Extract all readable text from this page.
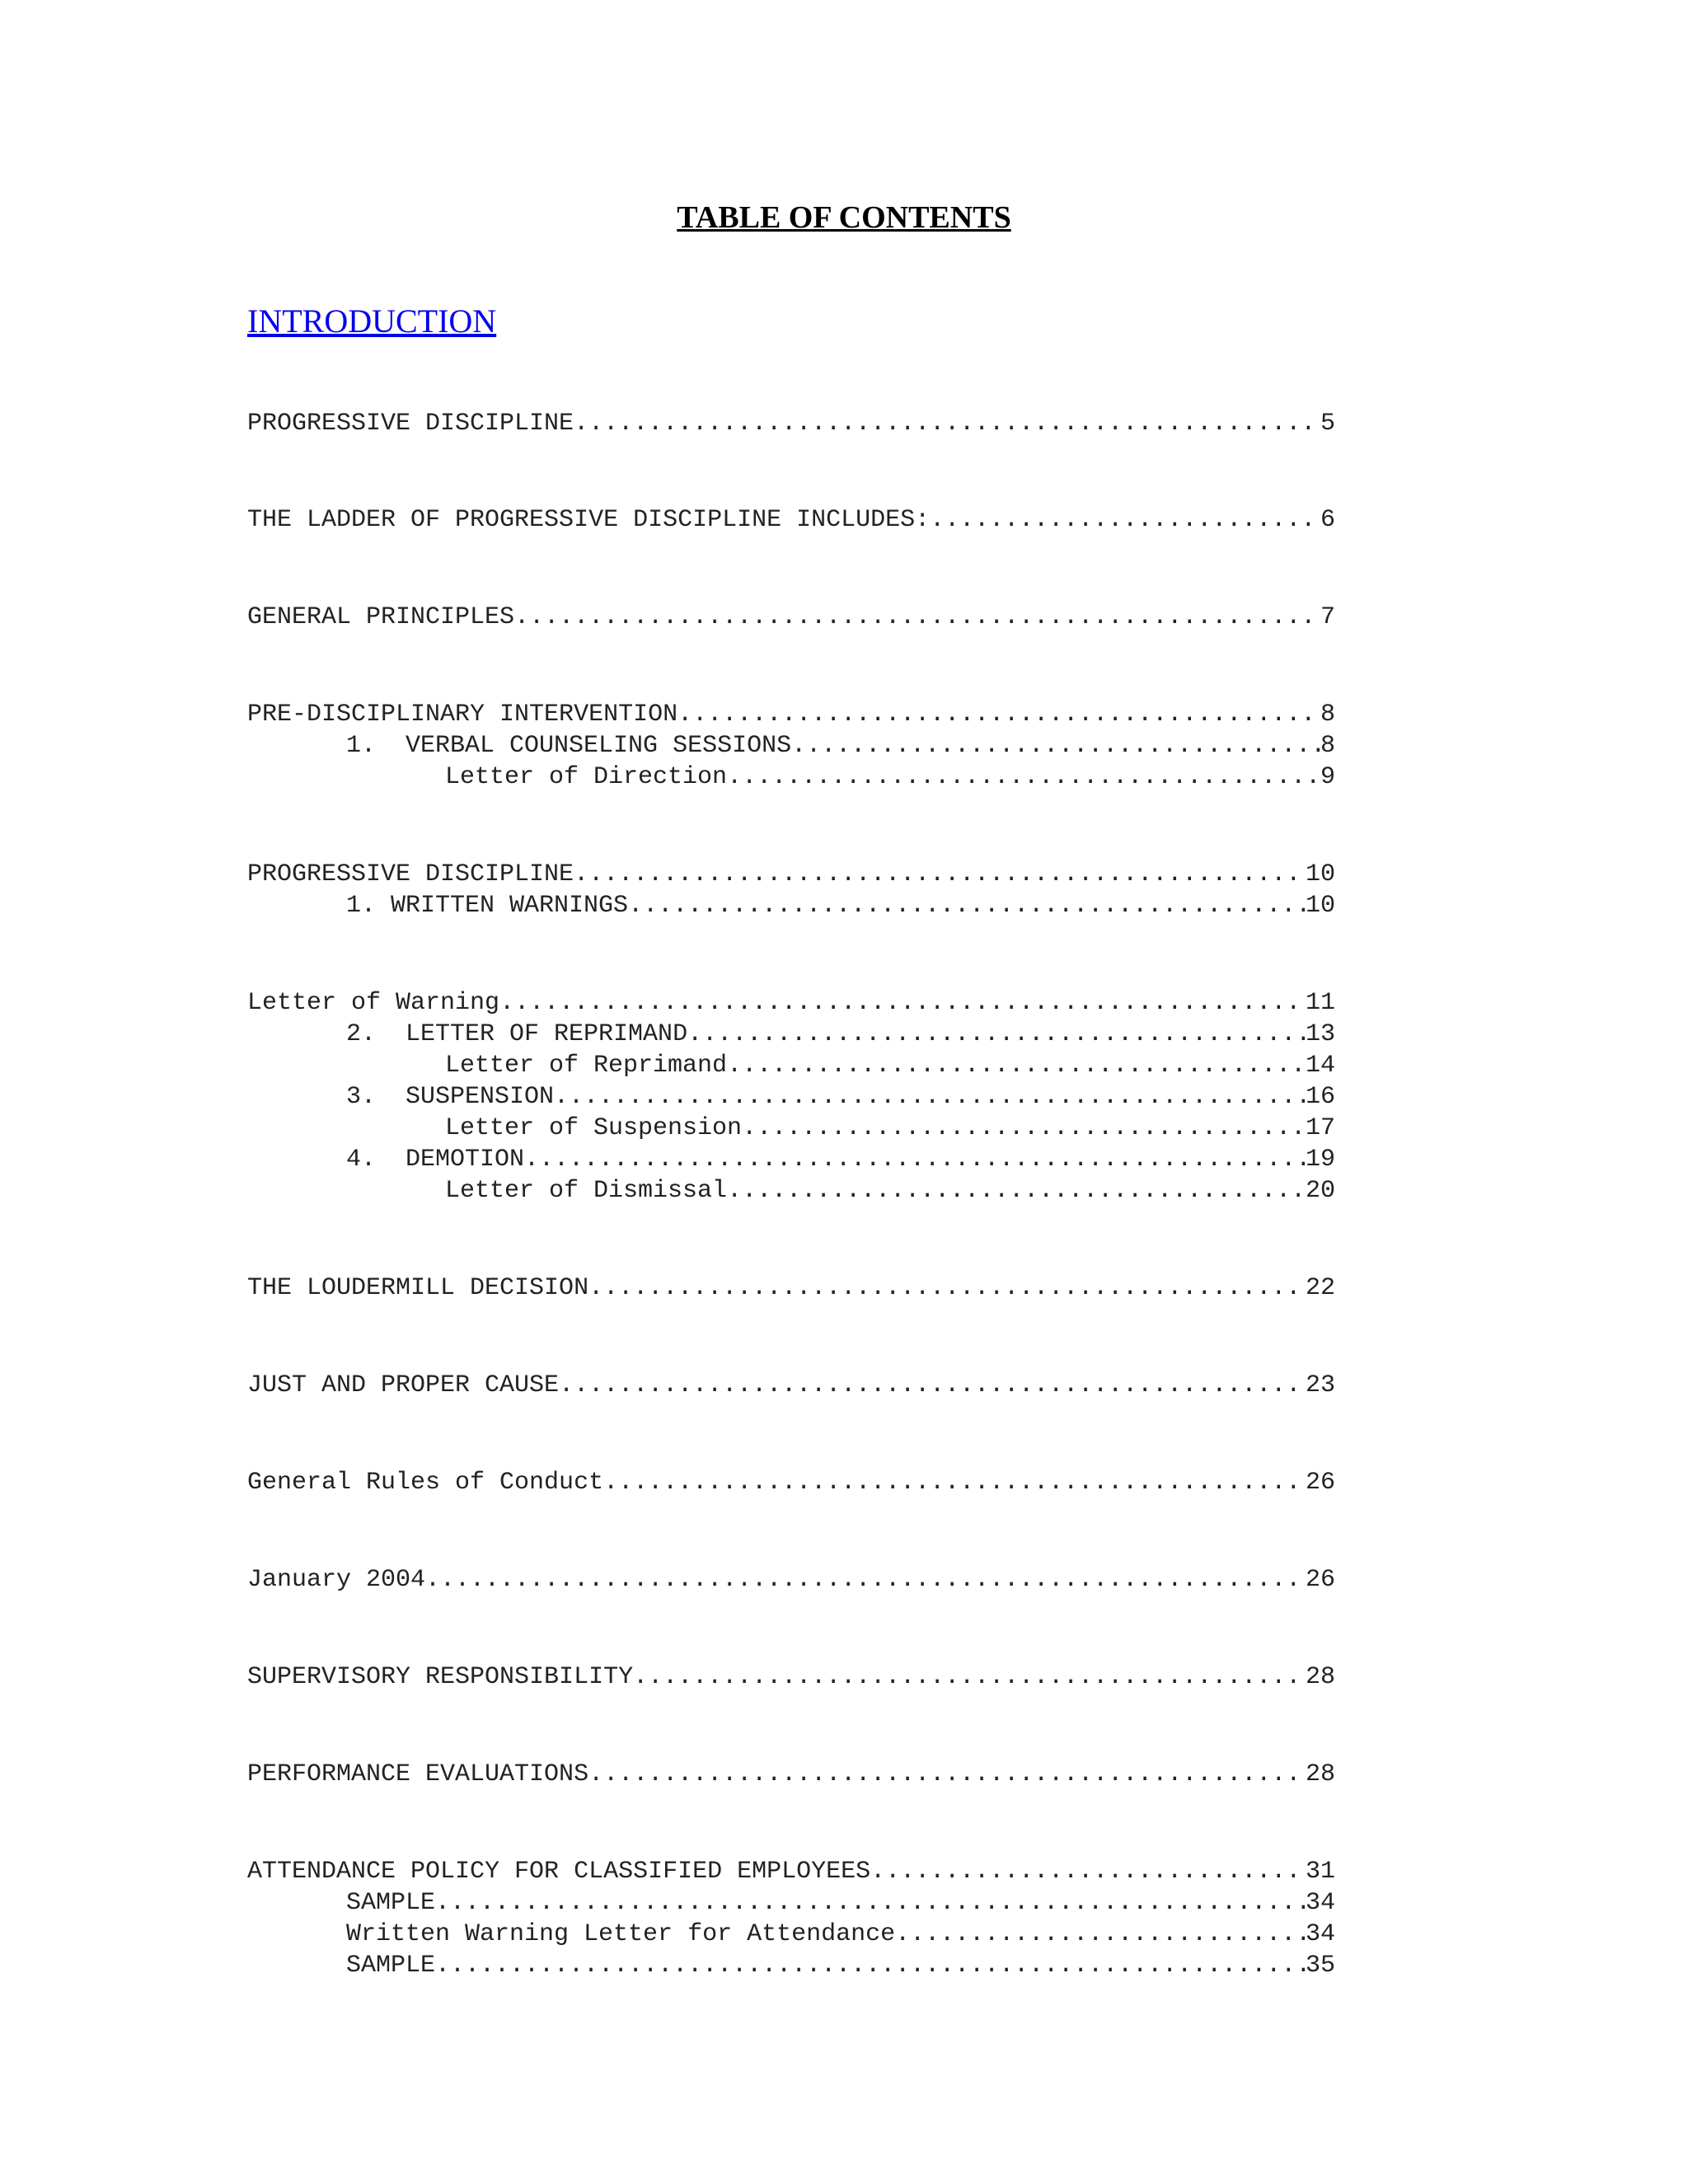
TABLE OF CONTENTS
INTRODUCTION
PROGRESSIVE DISCIPLINE .....	5
THE LADDER OF PROGRESSIVE DISCIPLINE INCLUDES: .....	6
GENERAL PRINCIPLES .....	7
PRE-DISCIPLINARY INTERVENTION .....	8
1.  VERBAL COUNSELING SESSIONS .....	8
Letter of Direction .....	9
PROGRESSIVE DISCIPLINE .....	10
1. WRITTEN WARNINGS .....	10
Letter of Warning .....	11
2.  LETTER OF REPRIMAND .....	13
Letter of Reprimand .....	14
3.  SUSPENSION .....	16
Letter of Suspension .....	17
4.  DEMOTION .....	19
Letter of Dismissal .....	20
THE LOUDERMILL DECISION .....	22
JUST AND PROPER CAUSE .....	23
General Rules of Conduct .....	26
January 2004 .....	26
SUPERVISORY RESPONSIBILITY .....	28
PERFORMANCE EVALUATIONS .....	28
ATTENDANCE POLICY FOR CLASSIFIED EMPLOYEES .....	31
SAMPLE .....	34
Written Warning Letter for Attendance .....	34
SAMPLE .....	35
